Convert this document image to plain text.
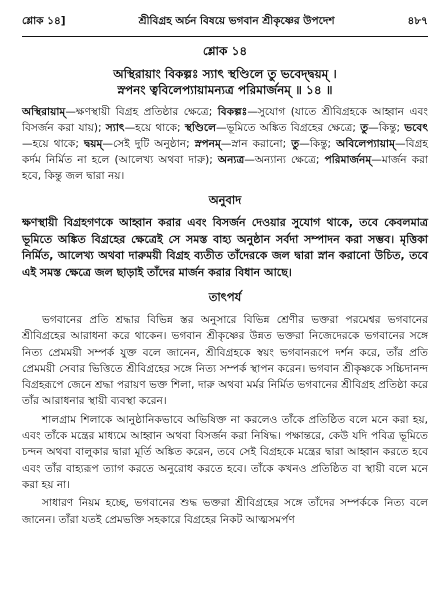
শ্লোক ১৪]	শ্রীবিগ্রহ অর্চন বিষয়ে ভগবান শ্রীকৃষ্ণের উপদেশ	৪৮৭
শ্লোক ১৪
অস্থিরায়াং বিকল্পঃ স্যাৎ স্থণ্ডিলে তু ভবেদ্দ্বয়ম্ ।
স্নপনং ত্ববিলেপ্যায়ামন্যত্র পরিমার্জনম্ ॥ ১৪ ॥
অস্থিরায়াম্—ক্ষণস্থায়ী বিগ্রহ প্রতিষ্ঠার ক্ষেত্রে; বিকল্পঃ—সুযোগ (যাতে শ্রীবিগ্রহকে আহ্বান এবং বিসর্জন করা যায়); স্যাৎ—হয়ে থাকে; স্থণ্ডিলে—ভূমিতে অঙ্কিত বিগ্রহের ক্ষেত্রে; তু—কিন্তু; ভবেৎ—হয়ে থাকে; দ্বয়ম্—সেই দুটি অনুষ্ঠান; স্নপনম্—স্নান করানো; তু—কিন্তু; অবিলেপ্যায়াম্—বিগ্রহ কর্দম নির্মিত না হলে (আলেখ্য অথবা দারু); অন্যত্র—অন্যান্য ক্ষেত্রে; পরিমার্জনম্—মার্জন করা হবে, কিন্তু জল দ্বারা নয়।
অনুবাদ
ক্ষণস্থায়ী বিগ্রহগণকে আহ্বান করার এবং বিসর্জন দেওয়ার সুযোগ থাকে, তবে কেবলমাত্র ভূমিতে অঙ্কিত বিগ্রহের ক্ষেত্রেই সে সমস্ত বাহ্য অনুষ্ঠান সর্বদা সম্পাদন করা সম্ভব। মৃত্তিকা নির্মিত, আলেখ্য অথবা দারুময়ী বিগ্রহ ব্যতীত তাঁদেরকে জল দ্বারা স্নান করানো উচিত, তবে এই সমস্ত ক্ষেত্রে জল ছাড়াই তাঁদের মার্জন করার বিধান আছে।
তাৎপর্য

ভগবানের প্রতি শ্রদ্ধার বিভিন্ন স্তর অনুসারে বিভিন্ন শ্রেণীর ভক্তরা পরমেশ্বর ভগবানের শ্রীবিগ্রহের আরাধনা করে থাকেন। ভগবান শ্রীকৃষ্ণের উন্নত ভক্তরা নিজেদেরকে ভগবানের সঙ্গে নিত্য প্রেমময়ী সম্পর্ক যুক্ত বলে জানেন, শ্রীবিগ্রহকে স্বয়ং ভগবানরূপে দর্শন করে, তাঁর প্রতি প্রেমময়ী সেবার ভিত্তিতে শ্রীবিগ্রহের সঙ্গে নিত্য সম্পর্ক স্থাপন করেন। ভগবান শ্রীকৃষ্ণকে সচ্চিদানন্দ বিগ্রহরূপে জেনে শ্রদ্ধা পরায়ণ ভক্ত শিলা, দারু অথবা মর্মর নির্মিত ভগবানের শ্রীবিগ্রহ প্রতিষ্ঠা করে তাঁর আরাধনার স্থায়ী ব্যবস্থা করেন।

শালগ্রাম শিলাকে আনুষ্ঠানিকভাবে অভিষিক্ত না করলেও তাঁকে প্রতিষ্ঠিত বলে মনে করা হয়, এবং তাঁকে মন্ত্রের মাধ্যমে আহ্বান অথবা বিসর্জন করা নিষিদ্ধ। পক্ষান্তরে, কেউ যদি পবিত্র ভূমিতে চন্দন অথবা বালুকার দ্বারা মূর্তি অঙ্কিত করেন, তবে সেই বিগ্রহকে মন্ত্রের দ্বারা আহ্বান করতে হবে এবং তাঁর বাহ্যরূপ ত্যাগ করতে অনুরোধ করতে হবে। তাঁকে কখনও প্রতিষ্ঠিত বা স্থায়ী বলে মনে করা হয় না।

সাধারণ নিয়ম হচ্ছে, ভগবানের শুদ্ধ ভক্তরা শ্রীবিগ্রহের সঙ্গে তাঁদের সম্পর্ককে নিত্য বলে জানেন। তাঁরা যতই প্রেমভক্তি সহকারে বিগ্রহের নিকট আত্মসমর্পণ
